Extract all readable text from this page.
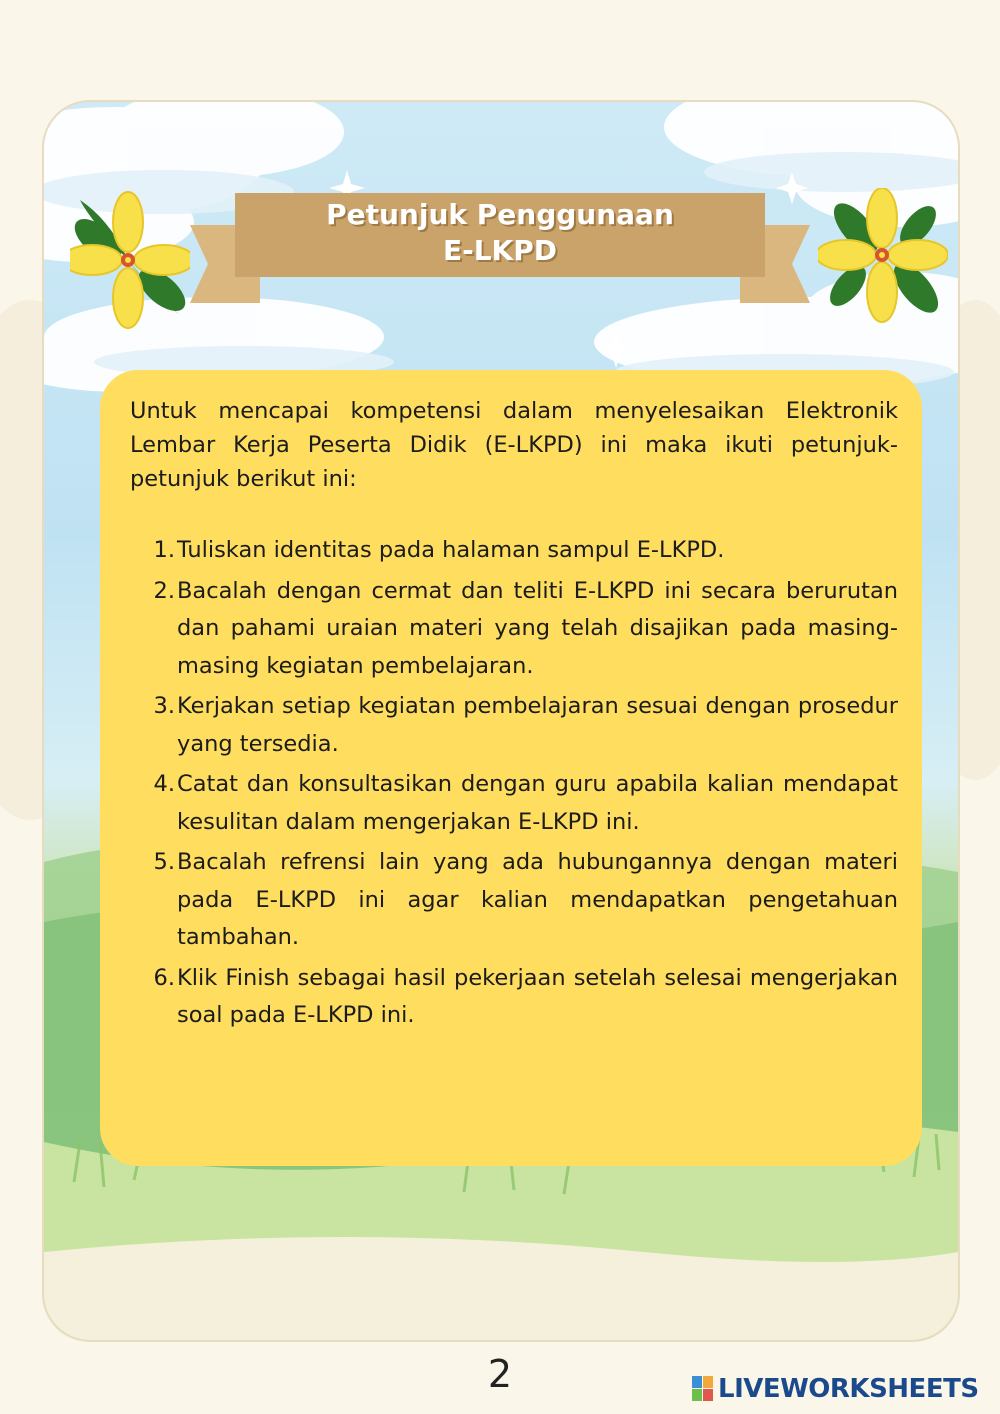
Petunjuk Penggunaan
E-LKPD

Untuk mencapai kompetensi dalam menyelesaikan Elektronik Lembar Kerja Peserta Didik (E-LKPD) ini maka ikuti petunjuk-petunjuk berikut ini:

1. Tuliskan identitas pada halaman sampul E-LKPD.
2. Bacalah dengan cermat dan teliti E-LKPD ini secara berurutan dan pahami uraian materi yang telah disajikan pada masing-masing kegiatan pembelajaran.
3. Kerjakan setiap kegiatan pembelajaran sesuai dengan prosedur yang tersedia.
4. Catat dan konsultasikan dengan guru apabila kalian mendapat kesulitan dalam mengerjakan E-LKPD ini.
5. Bacalah refrensi lain yang ada hubungannya dengan materi pada E-LKPD ini agar kalian mendapatkan pengetahuan tambahan.
6. Klik Finish sebagai hasil pekerjaan setelah selesai mengerjakan soal pada E-LKPD ini.
2	LIVEWORKSHEETS
